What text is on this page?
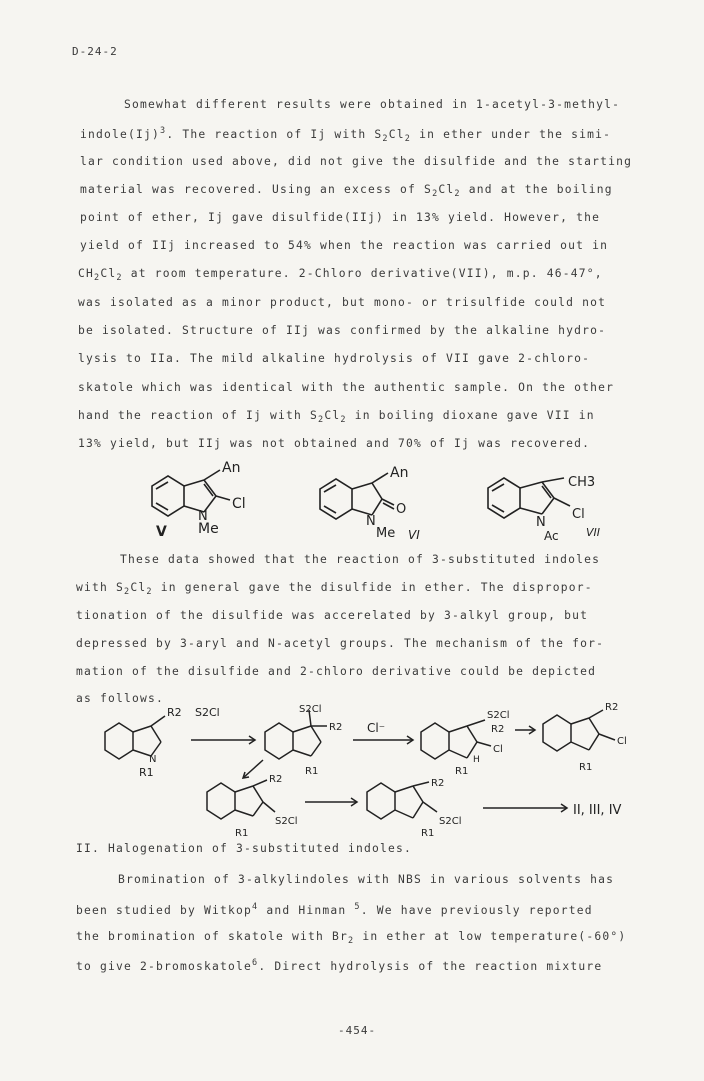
D-24-2
Somewhat different results were obtained in 1-acetyl-3-methyl-
$indole(Ij)^3$. The reaction of Ij with $S_2Cl_2$ in ether under the simi-
lar condition used above, did not give the disulfide and the starting
material was recovered. Using an excess of $S_2Cl_2$ and at the boiling
point of ether, Ij gave disulfide(IIj) in 13% yield. However, the
yield of IIj increased to 54% when the reaction was carried out in
$CH_2Cl_2$ at room temperature. 2-Chloro derivative(VII), m.p. 46-47°,
was isolated as a minor product, but mono- or trisulfide could not
be isolated. Structure of IIj was confirmed by the alkaline hydro-
lysis to IIa. The mild alkaline hydrolysis of VII gave 2-chloro-
skatole which was identical with the authentic sample. On the other
hand the reaction of Ij with $S_2Cl_2$ in boiling dioxane gave VII in
13% yield, but IIj was not obtained and 70% of Ij was recovered.
An
Cl
N
Me
V
An
O
N
Me VI
CH3
Cl
N
Ac VII
These data showed that the reaction of 3-substituted indoles
with $S_2Cl_2$ in general gave the disulfide in ether. The dispropor-
tionation of the disulfide was accerelated by 3-alkyl group, but
depressed by 3-aryl and N-acetyl groups. The mechanism of the for-
mation of the disulfide and 2-chloro derivative could be depicted
as follows.
S2Cl
Cl⁻
R2
R1
N
S2Cl
R2
R1
S2Cl
R2
H
Cl
R1
R2
Cl
R1
R2
S2Cl
R1
R2
S2Cl
R1
II, III, IV
II. Halogenation of 3-substituted indoles.
Bromination of 3-alkylindoles with NBS in various solvents has
been studied by Witkop$^4$ and Hinman $^5$. We have previously reported
the bromination of skatole with $Br_2$ in ether at low temperature(-60°)
to give 2-bromoskatole$^6$. Direct hydrolysis of the reaction mixture
-454-
